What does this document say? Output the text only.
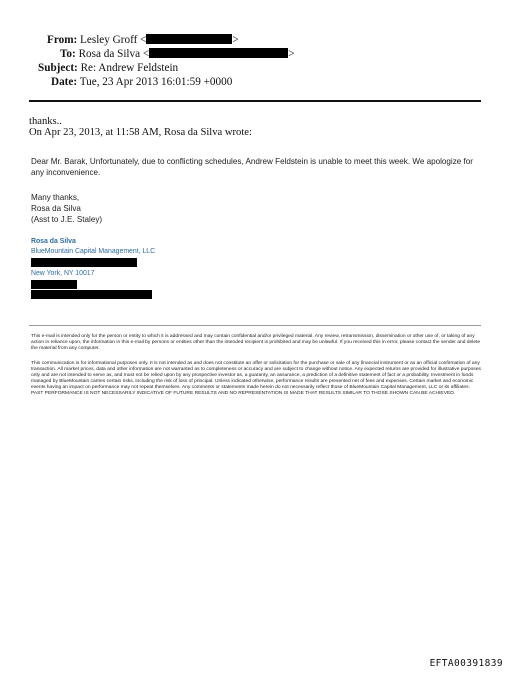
From: Lesley Groff <	>
To: Rosa da Silva <	>
Subject: Re: Andrew Feldstein
Date: Tue, 23 Apr 2013 16:01:59 +0000
thanks..
On Apr 23, 2013, at 11:58 AM, Rosa da Silva wrote:
Dear Mr. Barak, Unfortunately, due to conflicting schedules, Andrew Feldstein is unable to meet this week. We apologize for any inconvenience.
Many thanks,
Rosa da Silva
(Asst to J.E. Staley)
Rosa da Silva
BlueMountain Capital Management, LLC
New York, NY 10017
This e-mail is intended only for the person or entity to which it is addressed and may contain confidential and/or privileged material. Any review, retransmission, dissemination or other use of, or taking of any action in reliance upon, the information in this e-mail by persons or entities other than the intended recipient is prohibited and may be unlawful. If you received this in error, please contact the sender and delete the material from any computer.
This communication is for informational purposes only. It is not intended as and does not constitute an offer or solicitation for the purchase or sale of any financial instrument or as an official confirmation of any transaction. All market prices, data and other information are not warranted as to completeness or accuracy and are subject to change without notice. Any expected returns are provided for illustrative purposes only and are not intended to serve as, and must not be relied upon by any prospective investor as, a guaranty, an assurance, a prediction of a definitive statement of fact or a probability. Investment in funds managed by BlueMountain carries certain risks, including the risk of loss of principal. Unless indicated otherwise, performance results are presented net of fees and expenses. Certain market and economic events having an impact on performance may not repeat themselves. Any comments or statements made herein do not necessarily reflect those of BlueMountain Capital Management, LLC or its affiliates. PAST PERFORMANCE IS NOT NECESSARILY INDICATIVE OF FUTURE RESULTS AND NO REPRESENTATION IS MADE THAT RESULTS SIMILAR TO THOSE SHOWN CAN BE ACHIEVED.
EFTA00391839
